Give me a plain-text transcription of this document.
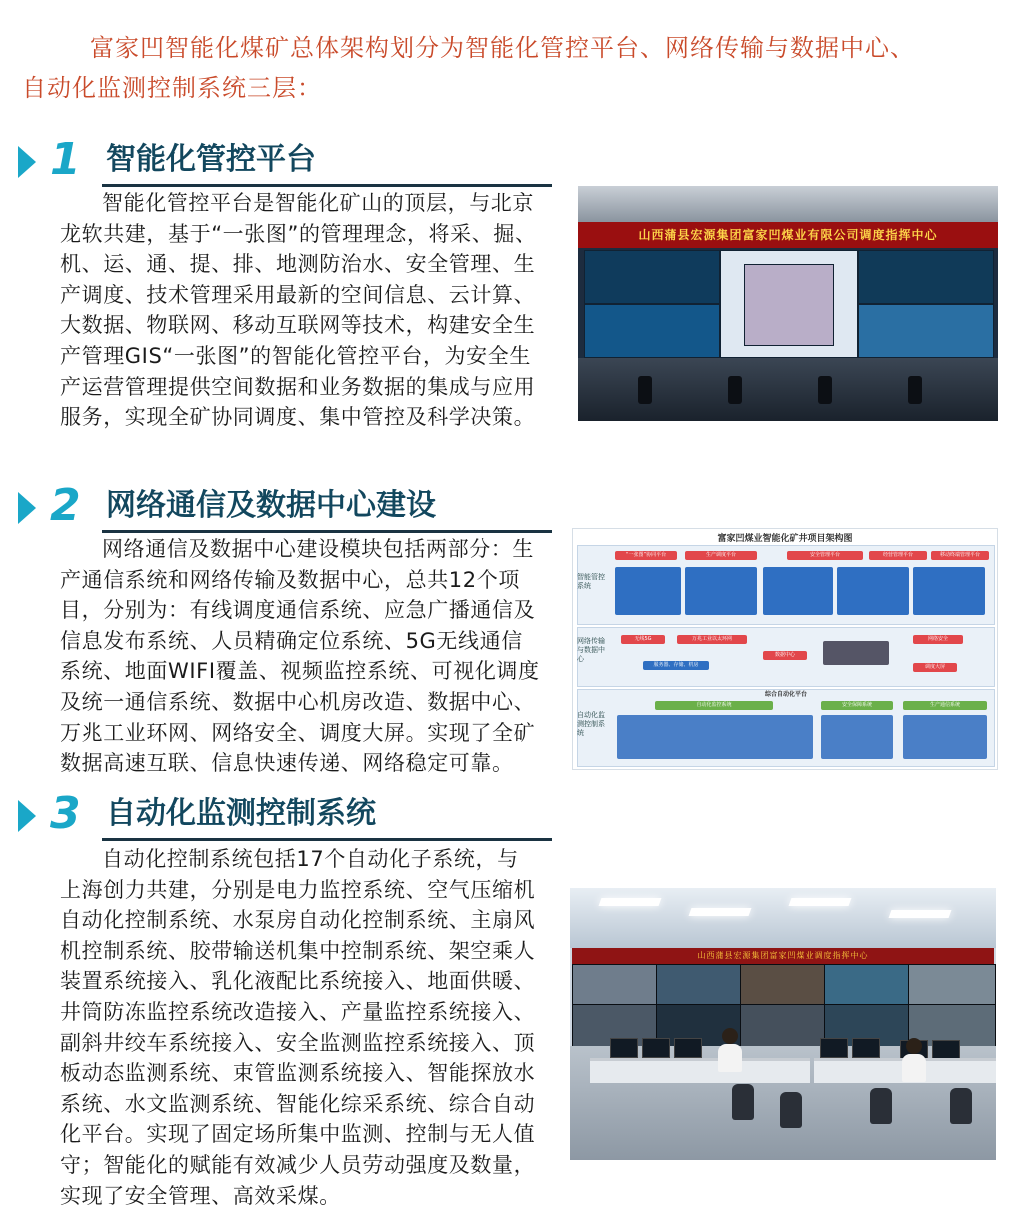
富家凹智能化煤矿总体架构划分为智能化管控平台、网络传输与数据中心、
自动化监测控制系统三层：
1 智能化管控平台
智能化管控平台是智能化矿山的顶层，与北京龙软共建，基于“一张图”的管理理念，将采、掘、机、运、通、提、排、地测防治水、安全管理、生产调度、技术管理采用最新的空间信息、云计算、大数据、物联网、移动互联网等技术，构建安全生产管理GIS“一张图”的智能化管控平台，为安全生产运营管理提供空间数据和业务数据的集成与应用服务，实现全矿协同调度、集中管控及科学决策。
山西蒲县宏源集团富家凹煤业有限公司调度指挥中心
2 网络通信及数据中心建设
网络通信及数据中心建设模块包括两部分：生产通信系统和网络传输及数据中心，总共12个项目，分别为：有线调度通信系统、应急广播通信及信息发布系统、人员精确定位系统、5G无线通信系统、地面WIFI覆盖、视频监控系统、可视化调度及统一通信系统、数据中心机房改造、数据中心、万兆工业环网、网络安全、调度大屏。实现了全矿数据高速互联、信息快速传递、网络稳定可靠。
富家凹煤业智能化矿井项目架构图
智能管控系统
“一张图”协同平台	生产调度平台	安全管理平台	经营管理平台	移动终端管理平台
网络传输与数据中心
无线5G	万兆工业以太环网
服务器、存储、机房
数据中心
网络安全
调度大屏
自动化监测控制系统
综合自动化平台
自动化监控系统	安全保障系统	生产通信系统
3 自动化监测控制系统
自动化控制系统包括17个自动化子系统，与上海创力共建，分别是电力监控系统、空气压缩机自动化控制系统、水泵房自动化控制系统、主扇风机控制系统、胶带输送机集中控制系统、架空乘人装置系统接入、乳化液配比系统接入、地面供暖、井筒防冻监控系统改造接入、产量监控系统接入、副斜井绞车系统接入、安全监测监控系统接入、顶板动态监测系统、束管监测系统接入、智能探放水系统、水文监测系统、智能化综采系统、综合自动化平台。实现了固定场所集中监测、控制与无人值守；智能化的赋能有效减少人员劳动强度及数量，实现了安全管理、高效采煤。
山西蒲县宏源集团富家凹煤业调度指挥中心
